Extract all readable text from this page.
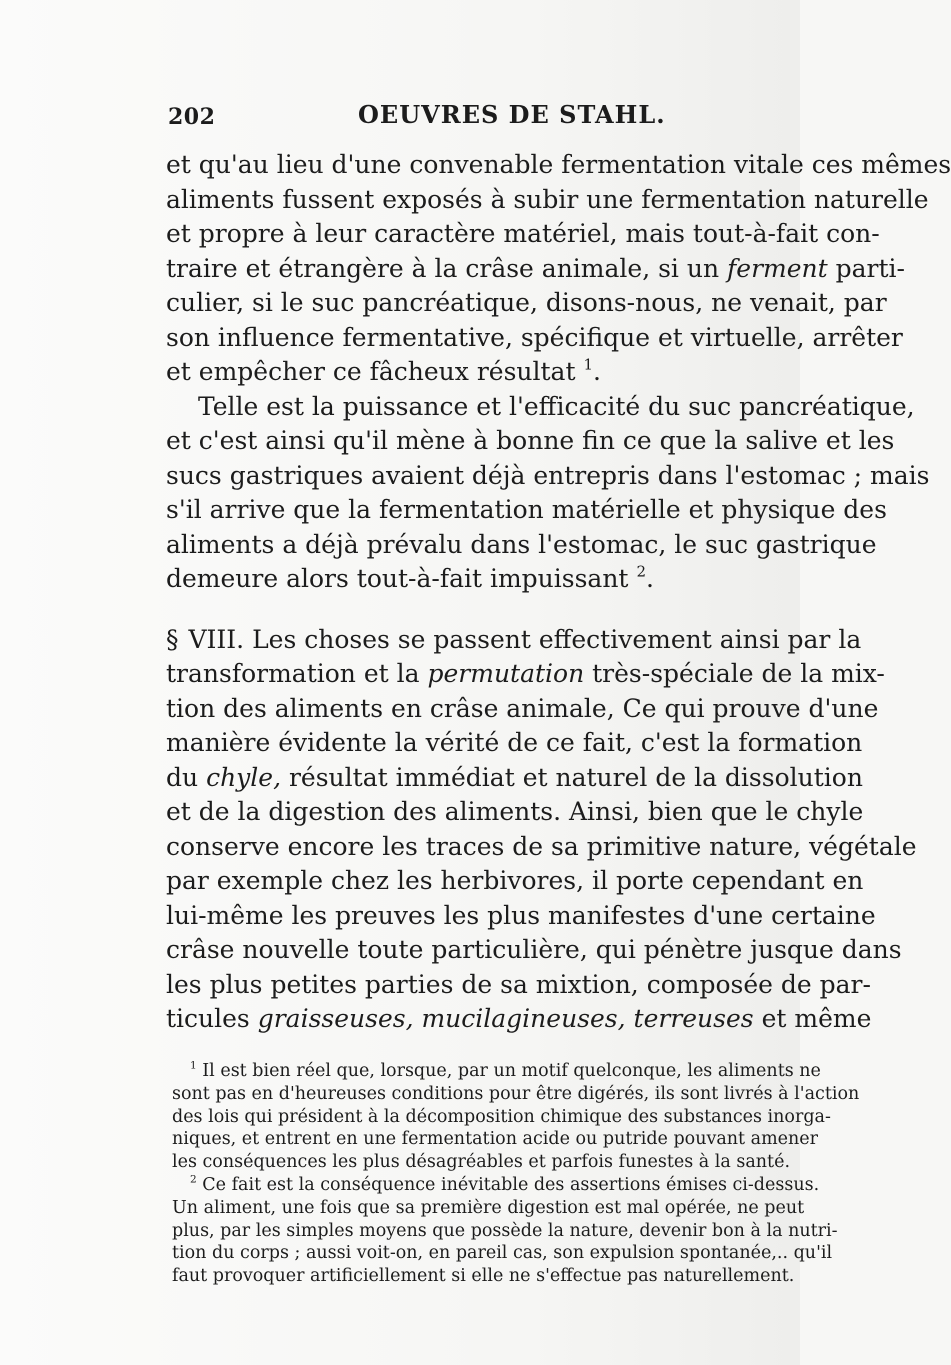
202	OEUVRES DE STAHL.
et qu'au lieu d'une convenable fermentation vitale ces mêmes
aliments fussent exposés à subir une fermentation naturelle
et propre à leur caractère matériel, mais tout-à-fait con-
traire et étrangère à la crâse animale, si un ferment parti-
culier, si le suc pancréatique, disons-nous, ne venait, par
son influence fermentative, spécifique et virtuelle, arrêter
et empêcher ce fâcheux résultat $^1$.
Telle est la puissance et l'efficacité du suc pancréatique,
et c'est ainsi qu'il mène à bonne fin ce que la salive et les
sucs gastriques avaient déjà entrepris dans l'estomac ; mais
s'il arrive que la fermentation matérielle et physique des
aliments a déjà prévalu dans l'estomac, le suc gastrique
demeure alors tout-à-fait impuissant $^2$.
§ VIII. Les choses se passent effectivement ainsi par la
transformation et la permutation très-spéciale de la mix-
tion des aliments en crâse animale, Ce qui prouve d'une
manière évidente la vérité de ce fait, c'est la formation
du chyle, résultat immédiat et naturel de la dissolution
et de la digestion des aliments. Ainsi, bien que le chyle
conserve encore les traces de sa primitive nature, végétale
par exemple chez les herbivores, il porte cependant en
lui-même les preuves les plus manifestes d'une certaine
crâse nouvelle toute particulière, qui pénètre jusque dans
les plus petites parties de sa mixtion, composée de par-
ticules graisseuses, mucilagineuses, terreuses et même
$^1$ Il est bien réel que, lorsque, par un motif quelconque, les aliments ne
sont pas en d'heureuses conditions pour être digérés, ils sont livrés à l'action
des lois qui président à la décomposition chimique des substances inorga-
niques, et entrent en une fermentation acide ou putride pouvant amener
les conséquences les plus désagréables et parfois funestes à la santé.
$^2$ Ce fait est la conséquence inévitable des assertions émises ci-dessus.
Un aliment, une fois que sa première digestion est mal opérée, ne peut
plus, par les simples moyens que possède la nature, devenir bon à la nutri-
tion du corps ; aussi voit-on, en pareil cas, son expulsion spontanée,.. qu'il
faut provoquer artificiellement si elle ne s'effectue pas naturellement.
